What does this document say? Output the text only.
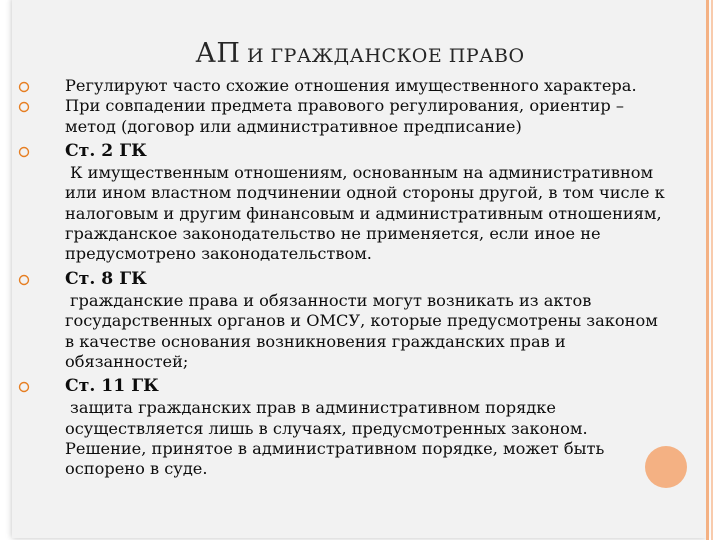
АП И ГРАЖДАНСКОЕ ПРАВО
Регулируют часто схожие отношения имущественного характера.
При совпадении предмета правового регулирования, ориентир – метод (договор или административное предписание)
Ст. 2 ГК
К имущественным отношениям, основанным на административном или ином властном подчинении одной стороны другой, в том числе к налоговым и другим финансовым и административным отношениям, гражданское законодательство не применяется, если иное не предусмотрено законодательством.
Ст. 8 ГК
гражданские права и обязанности могут возникать из актов государственных органов и ОМСУ, которые предусмотрены законом в качестве основания возникновения гражданских прав и обязанностей;
Ст. 11 ГК
защита гражданских прав в административном порядке осуществляется лишь в случаях, предусмотренных законом. Решение, принятое в административном порядке, может быть оспорено в суде.
